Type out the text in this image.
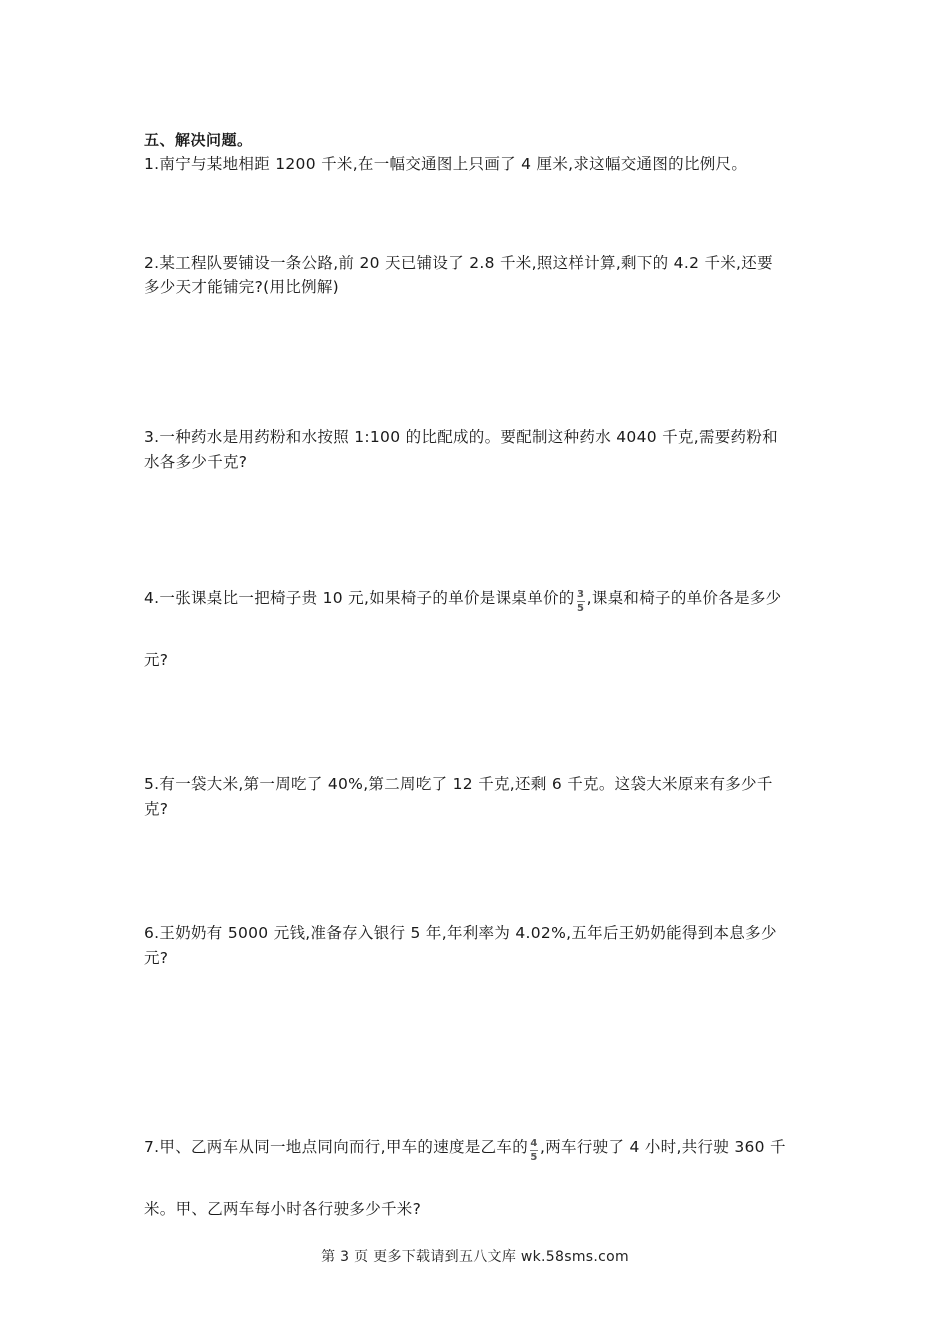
五、解决问题。
1.南宁与某地相距 1200 千米,在一幅交通图上只画了 4 厘米,求这幅交通图的比例尺。
2.某工程队要铺设一条公路,前 20 天已铺设了 2.8 千米,照这样计算,剩下的 4.2 千米,还要
多少天才能铺完?(用比例解)
3.一种药水是用药粉和水按照 1:100 的比配成的。要配制这种药水 4040 千克,需要药粉和
水各多少千克?
4.一张课桌比一把椅子贵 10 元,如果椅子的单价是课桌单价的 $\frac{3}{5}$ ,课桌和椅子的单价各是多少
元?
5.有一袋大米,第一周吃了 40%,第二周吃了 12 千克,还剩 6 千克。这袋大米原来有多少千
克?
6.王奶奶有 5000 元钱,准备存入银行 5 年,年利率为 4.02%,五年后王奶奶能得到本息多少
元?
7.甲、乙两车从同一地点同向而行,甲车的速度是乙车的 $\frac{4}{5}$ ,两车行驶了 4 小时,共行驶 360 千
米。甲、乙两车每小时各行驶多少千米?
第 3 页 更多下载请到五八文库 wk.58sms.com
